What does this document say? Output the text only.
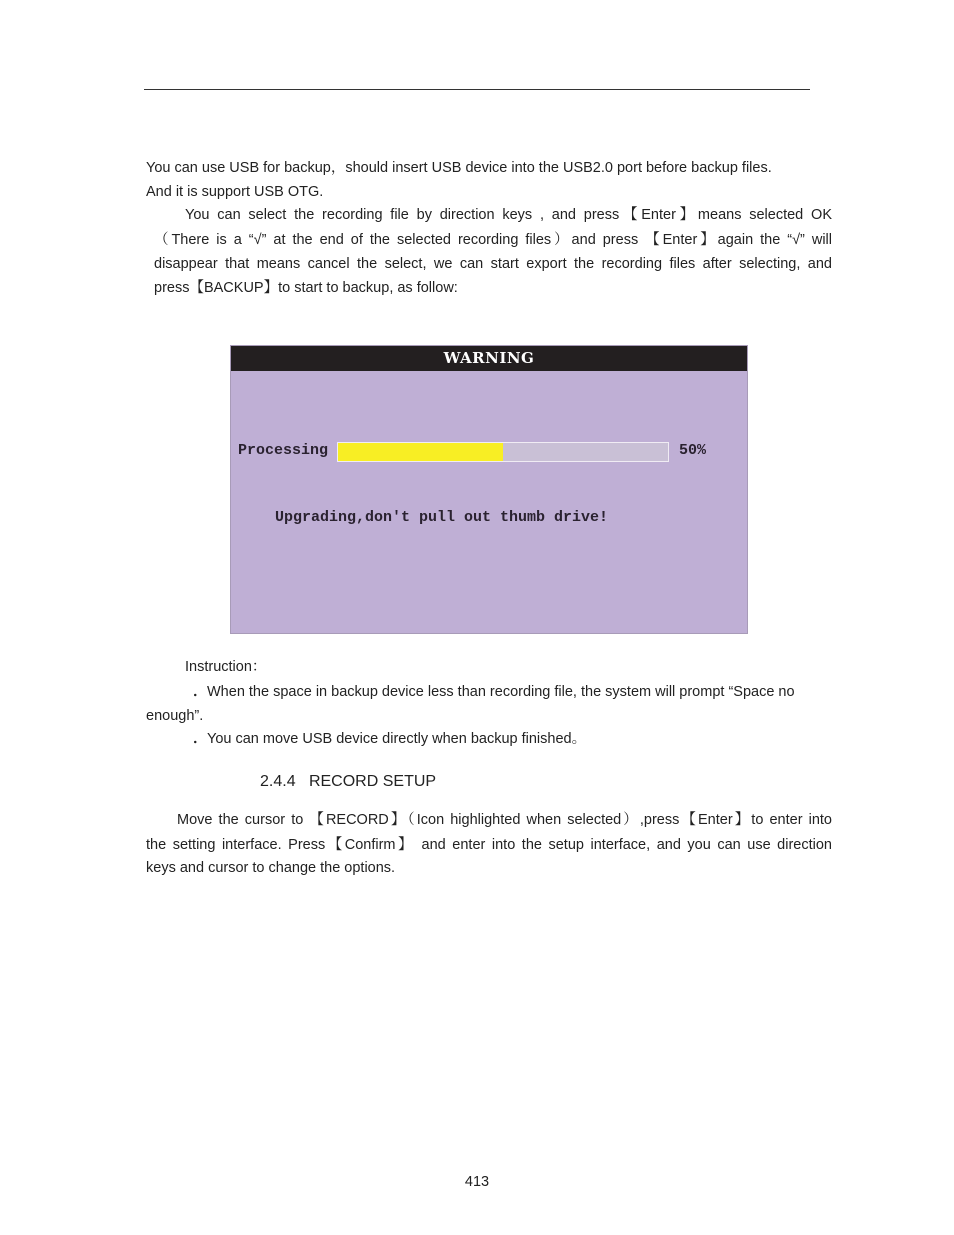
You can use USB for backup，should insert USB device into the USB2.0 port before backup files.
And it is support USB OTG.
You can select the recording file by direction keys , and press【Enter】means selected OK
（There is a “√” at the end of the selected recording files）and press 【Enter】again the “√” will
disappear that means cancel the select, we can start export the recording files after selecting, and
press【BACKUP】to start to backup, as follow:
WARNING
Processing	50%
Upgrading,don't pull out thumb drive!
Instruction：
．When the space in backup device less than recording file, the system will prompt “Space no
enough”.
．You can move USB device directly when backup finished。
2.4.4 RECORD SETUP
Move the cursor to 【RECORD】（Icon highlighted when selected）,press【Enter】to enter into
the setting interface. Press【Confirm】 and enter into the setup interface, and you can use direction
keys and cursor to change the options.
413
